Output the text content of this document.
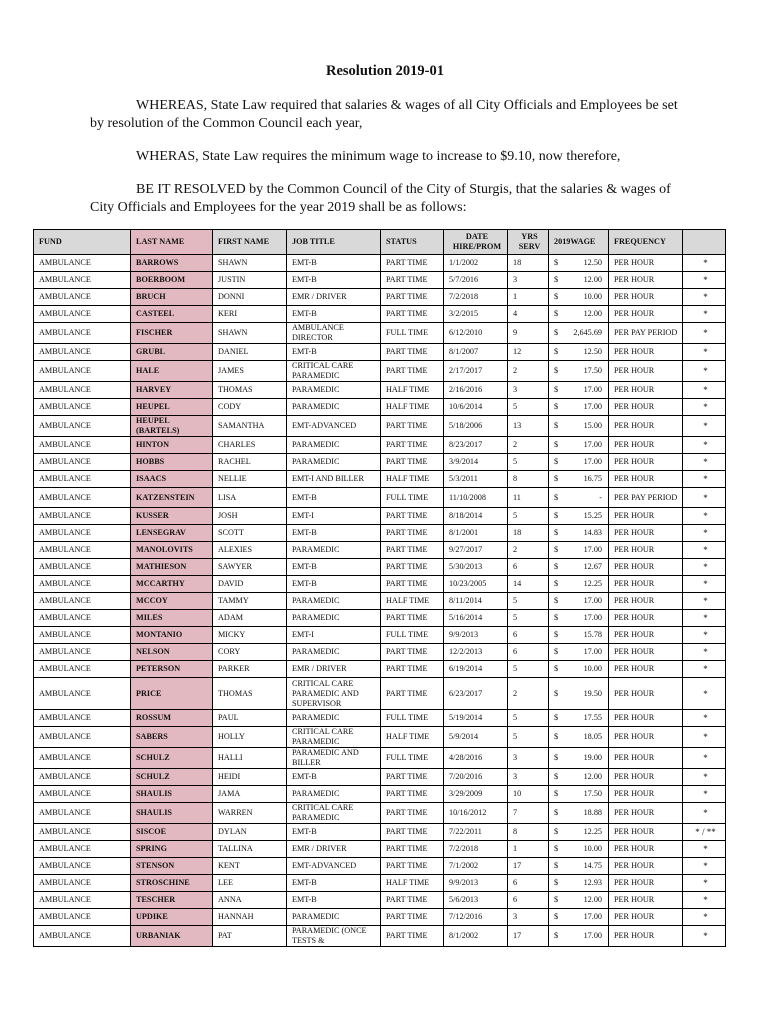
Resolution 2019-01
WHEREAS, State Law required that salaries & wages of all City Officials and Employees be set by resolution of the Common Council each year,
WHERAS, State Law requires the minimum wage to increase to $9.10, now therefore,
BE IT RESOLVED by the Common Council of the City of Sturgis, that the salaries & wages of City Officials and Employees for the year 2019 shall be as follows:
FUND	LAST NAME	FIRST NAME	JOB TITLE	STATUS	DATE HIRE/PROM	YRS SERV	2019WAGE	FREQUENCY	
AMBULANCE	BARROWS	SHAWN	EMT-B	PART TIME	1/1/2002	18	$ 12.50	PER HOUR	*
AMBULANCE	BOERBOOM	JUSTIN	EMT-B	PART TIME	5/7/2016	3	$ 12.00	PER HOUR	*
AMBULANCE	BRUCH	DONNI	EMR / DRIVER	PART TIME	7/2/2018	1	$ 10.00	PER HOUR	*
AMBULANCE	CASTEEL	KERI	EMT-B	PART TIME	3/2/2015	4	$ 12.00	PER HOUR	*
AMBULANCE	FISCHER	SHAWN	AMBULANCE DIRECTOR	FULL TIME	6/12/2010	9	$ 2,645.69	PER PAY PERIOD	*
AMBULANCE	GRUBL	DANIEL	EMT-B	PART TIME	8/1/2007	12	$ 12.50	PER HOUR	*
AMBULANCE	HALE	JAMES	CRITICAL CARE PARAMEDIC	PART TIME	2/17/2017	2	$ 17.50	PER HOUR	*
AMBULANCE	HARVEY	THOMAS	PARAMEDIC	HALF TIME	2/16/2016	3	$ 17.00	PER HOUR	*
AMBULANCE	HEUPEL	CODY	PARAMEDIC	HALF TIME	10/6/2014	5	$ 17.00	PER HOUR	*
AMBULANCE	HEUPEL (BARTELS)	SAMANTHA	EMT-ADVANCED	PART TIME	5/18/2006	13	$ 15.00	PER HOUR	*
AMBULANCE	HINTON	CHARLES	PARAMEDIC	PART TIME	8/23/2017	2	$ 17.00	PER HOUR	*
AMBULANCE	HOBBS	RACHEL	PARAMEDIC	PART TIME	3/9/2014	5	$ 17.00	PER HOUR	*
AMBULANCE	ISAACS	NELLIE	EMT-I AND BILLER	HALF TIME	5/3/2011	8	$ 16.75	PER HOUR	*
AMBULANCE	KATZENSTEIN	LISA	EMT-B	FULL TIME	11/10/2008	11	$ -	PER PAY PERIOD	*
AMBULANCE	KUSSER	JOSH	EMT-I	PART TIME	8/18/2014	5	$ 15.25	PER HOUR	*
AMBULANCE	LENSEGRAV	SCOTT	EMT-B	PART TIME	8/1/2001	18	$ 14.83	PER HOUR	*
AMBULANCE	MANOLOVITS	ALEXIES	PARAMEDIC	PART TIME	9/27/2017	2	$ 17.00	PER HOUR	*
AMBULANCE	MATHIESON	SAWYER	EMT-B	PART TIME	5/30/2013	6	$ 12.67	PER HOUR	*
AMBULANCE	MCCARTHY	DAVID	EMT-B	PART TIME	10/23/2005	14	$ 12.25	PER HOUR	*
AMBULANCE	MCCOY	TAMMY	PARAMEDIC	HALF TIME	8/11/2014	5	$ 17.00	PER HOUR	*
AMBULANCE	MILES	ADAM	PARAMEDIC	PART TIME	5/16/2014	5	$ 17.00	PER HOUR	*
AMBULANCE	MONTANIO	MICKY	EMT-I	FULL TIME	9/9/2013	6	$ 15.78	PER HOUR	*
AMBULANCE	NELSON	CORY	PARAMEDIC	PART TIME	12/2/2013	6	$ 17.00	PER HOUR	*
AMBULANCE	PETERSON	PARKER	EMR / DRIVER	PART TIME	6/19/2014	5	$ 10.00	PER HOUR	*
AMBULANCE	PRICE	THOMAS	CRITICAL CARE PARAMEDIC AND SUPERVISOR	PART TIME	6/23/2017	2	$ 19.50	PER HOUR	*
AMBULANCE	ROSSUM	PAUL	PARAMEDIC	FULL TIME	5/19/2014	5	$ 17.55	PER HOUR	*
AMBULANCE	SABERS	HOLLY	CRITICAL CARE PARAMEDIC	HALF TIME	5/9/2014	5	$ 18.05	PER HOUR	*
AMBULANCE	SCHULZ	HALLI	PARAMEDIC AND BILLER	FULL TIME	4/28/2016	3	$ 19.00	PER HOUR	*
AMBULANCE	SCHULZ	HEIDI	EMT-B	PART TIME	7/20/2016	3	$ 12.00	PER HOUR	*
AMBULANCE	SHAULIS	JAMA	PARAMEDIC	PART TIME	3/29/2009	10	$ 17.50	PER HOUR	*
AMBULANCE	SHAULIS	WARREN	CRITICAL CARE PARAMEDIC	PART TIME	10/16/2012	7	$ 18.88	PER HOUR	*
AMBULANCE	SISCOE	DYLAN	EMT-B	PART TIME	7/22/2011	8	$ 12.25	PER HOUR	* / **
AMBULANCE	SPRING	TALLINA	EMR / DRIVER	PART TIME	7/2/2018	1	$ 10.00	PER HOUR	*
AMBULANCE	STENSON	KENT	EMT-ADVANCED	PART TIME	7/1/2002	17	$ 14.75	PER HOUR	*
AMBULANCE	STROSCHINE	LEE	EMT-B	HALF TIME	9/9/2013	6	$ 12.93	PER HOUR	*
AMBULANCE	TESCHER	ANNA	EMT-B	PART TIME	5/6/2013	6	$ 12.00	PER HOUR	*
AMBULANCE	UPDIKE	HANNAH	PARAMEDIC	PART TIME	7/12/2016	3	$ 17.00	PER HOUR	*
AMBULANCE	URBANIAK	PAT	PARAMEDIC (ONCE TESTS &	PART TIME	8/1/2002	17	$ 17.00	PER HOUR	*
